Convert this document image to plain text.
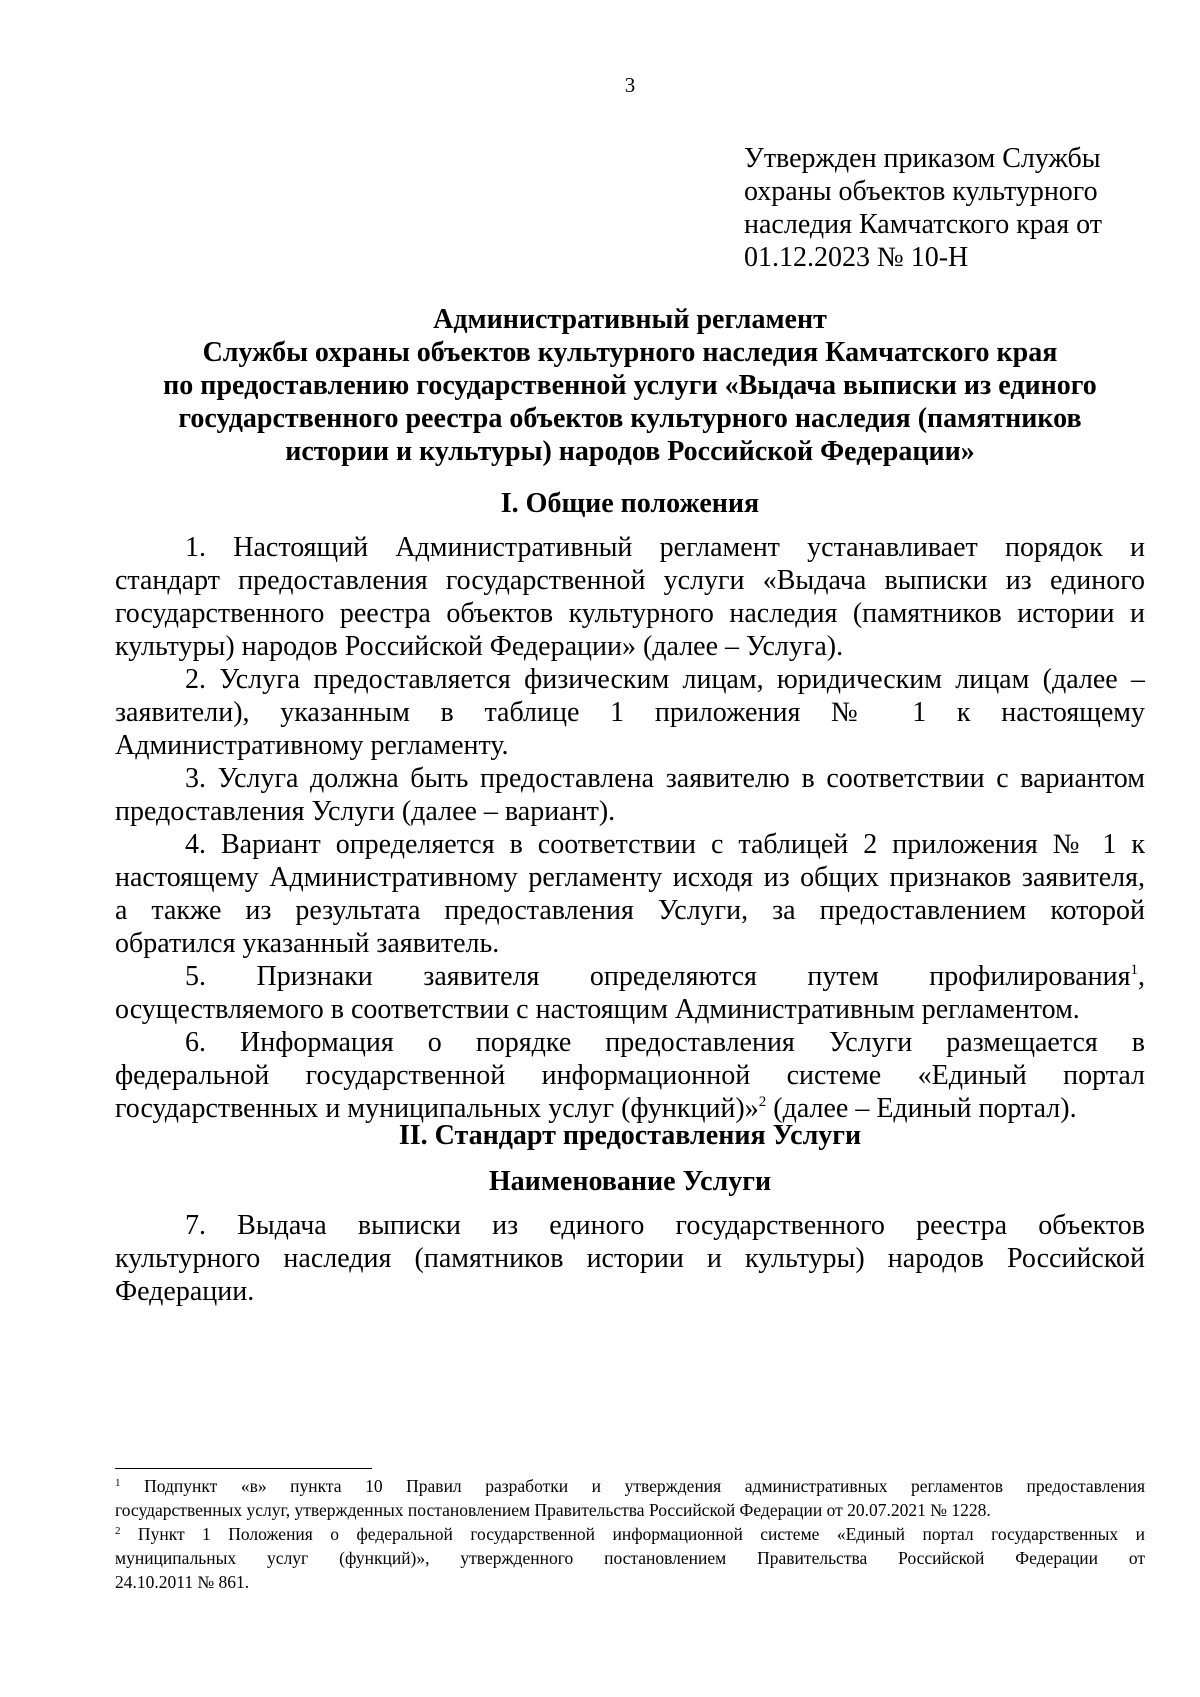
3
Утвержден приказом Службы
охраны объектов культурного
наследия Камчатского края от
01.12.2023 № 10-Н
Административный регламент
Службы охраны объектов культурного наследия Камчатского края
по предоставлению государственной услуги «Выдача выписки из единого
государственного реестра объектов культурного наследия (памятников
истории и культуры) народов Российской Федерации»
I. Общие положения
1. Настоящий Административный регламент устанавливает порядок и
стандарт предоставления государственной услуги «Выдача выписки из единого
государственного реестра объектов культурного наследия (памятников истории и
культуры) народов Российской Федерации» (далее – Услуга).
2. Услуга предоставляется физическим лицам, юридическим лицам (далее –
заявители), указанным в таблице 1 приложения № 1 к настоящему
Административному регламенту.
3. Услуга должна быть предоставлена заявителю в соответствии с вариантом
предоставления Услуги (далее – вариант).
4. Вариант определяется в соответствии с таблицей 2 приложения № 1 к
настоящему Административному регламенту исходя из общих признаков заявителя,
а также из результата предоставления Услуги, за предоставлением которой
обратился указанный заявитель.
5. Признаки заявителя определяются путем профилирования$^1$,
осуществляемого в соответствии с настоящим Административным регламентом.
6. Информация о порядке предоставления Услуги размещается в
федеральной государственной информационной системе «Единый портал
государственных и муниципальных услуг (функций)»$^2$ (далее – Единый портал).
II. Стандарт предоставления Услуги
Наименование Услуги
7. Выдача выписки из единого государственного реестра объектов
культурного наследия (памятников истории и культуры) народов Российской
Федерации.
$^1$ Подпункт «в» пункта 10 Правил разработки и утверждения административных регламентов предоставления
государственных услуг, утвержденных постановлением Правительства Российской Федерации от 20.07.2021 № 1228.
$^2$ Пункт 1 Положения о федеральной государственной информационной системе «Единый портал государственных и
муниципальных услуг (функций)», утвержденного постановлением Правительства Российской Федерации от
24.10.2011 № 861.
